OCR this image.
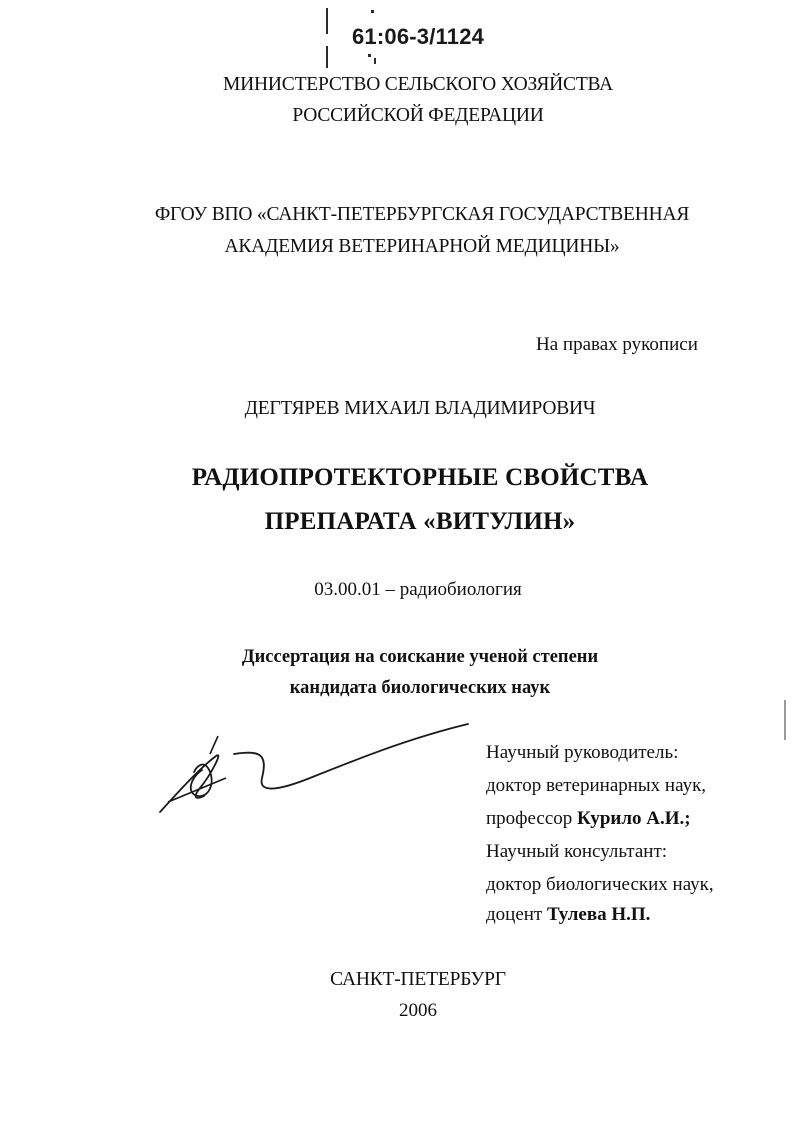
61:06-3/1124
МИНИСТЕРСТВО СЕЛЬСКОГО ХОЗЯЙСТВА
РОССИЙСКОЙ ФЕДЕРАЦИИ
ФГОУ ВПО «САНКТ-ПЕТЕРБУРГСКАЯ ГОСУДАРСТВЕННАЯ
АКАДЕМИЯ ВЕТЕРИНАРНОЙ МЕДИЦИНЫ»
На правах рукописи
ДЕГТЯРЕВ МИХАИЛ ВЛАДИМИРОВИЧ
РАДИОПРОТЕКТОРНЫЕ СВОЙСТВА
ПРЕПАРАТА «ВИТУЛИН»
03.00.01 – радиобиология
Диссертация на соискание ученой степени
кандидата биологических наук
Научный руководитель:
доктор ветеринарных наук,
профессор Курило А.И.;
Научный консультант:
доктор биологических наук,
доцент Тулева Н.П.
САНКТ-ПЕТЕРБУРГ
2006
